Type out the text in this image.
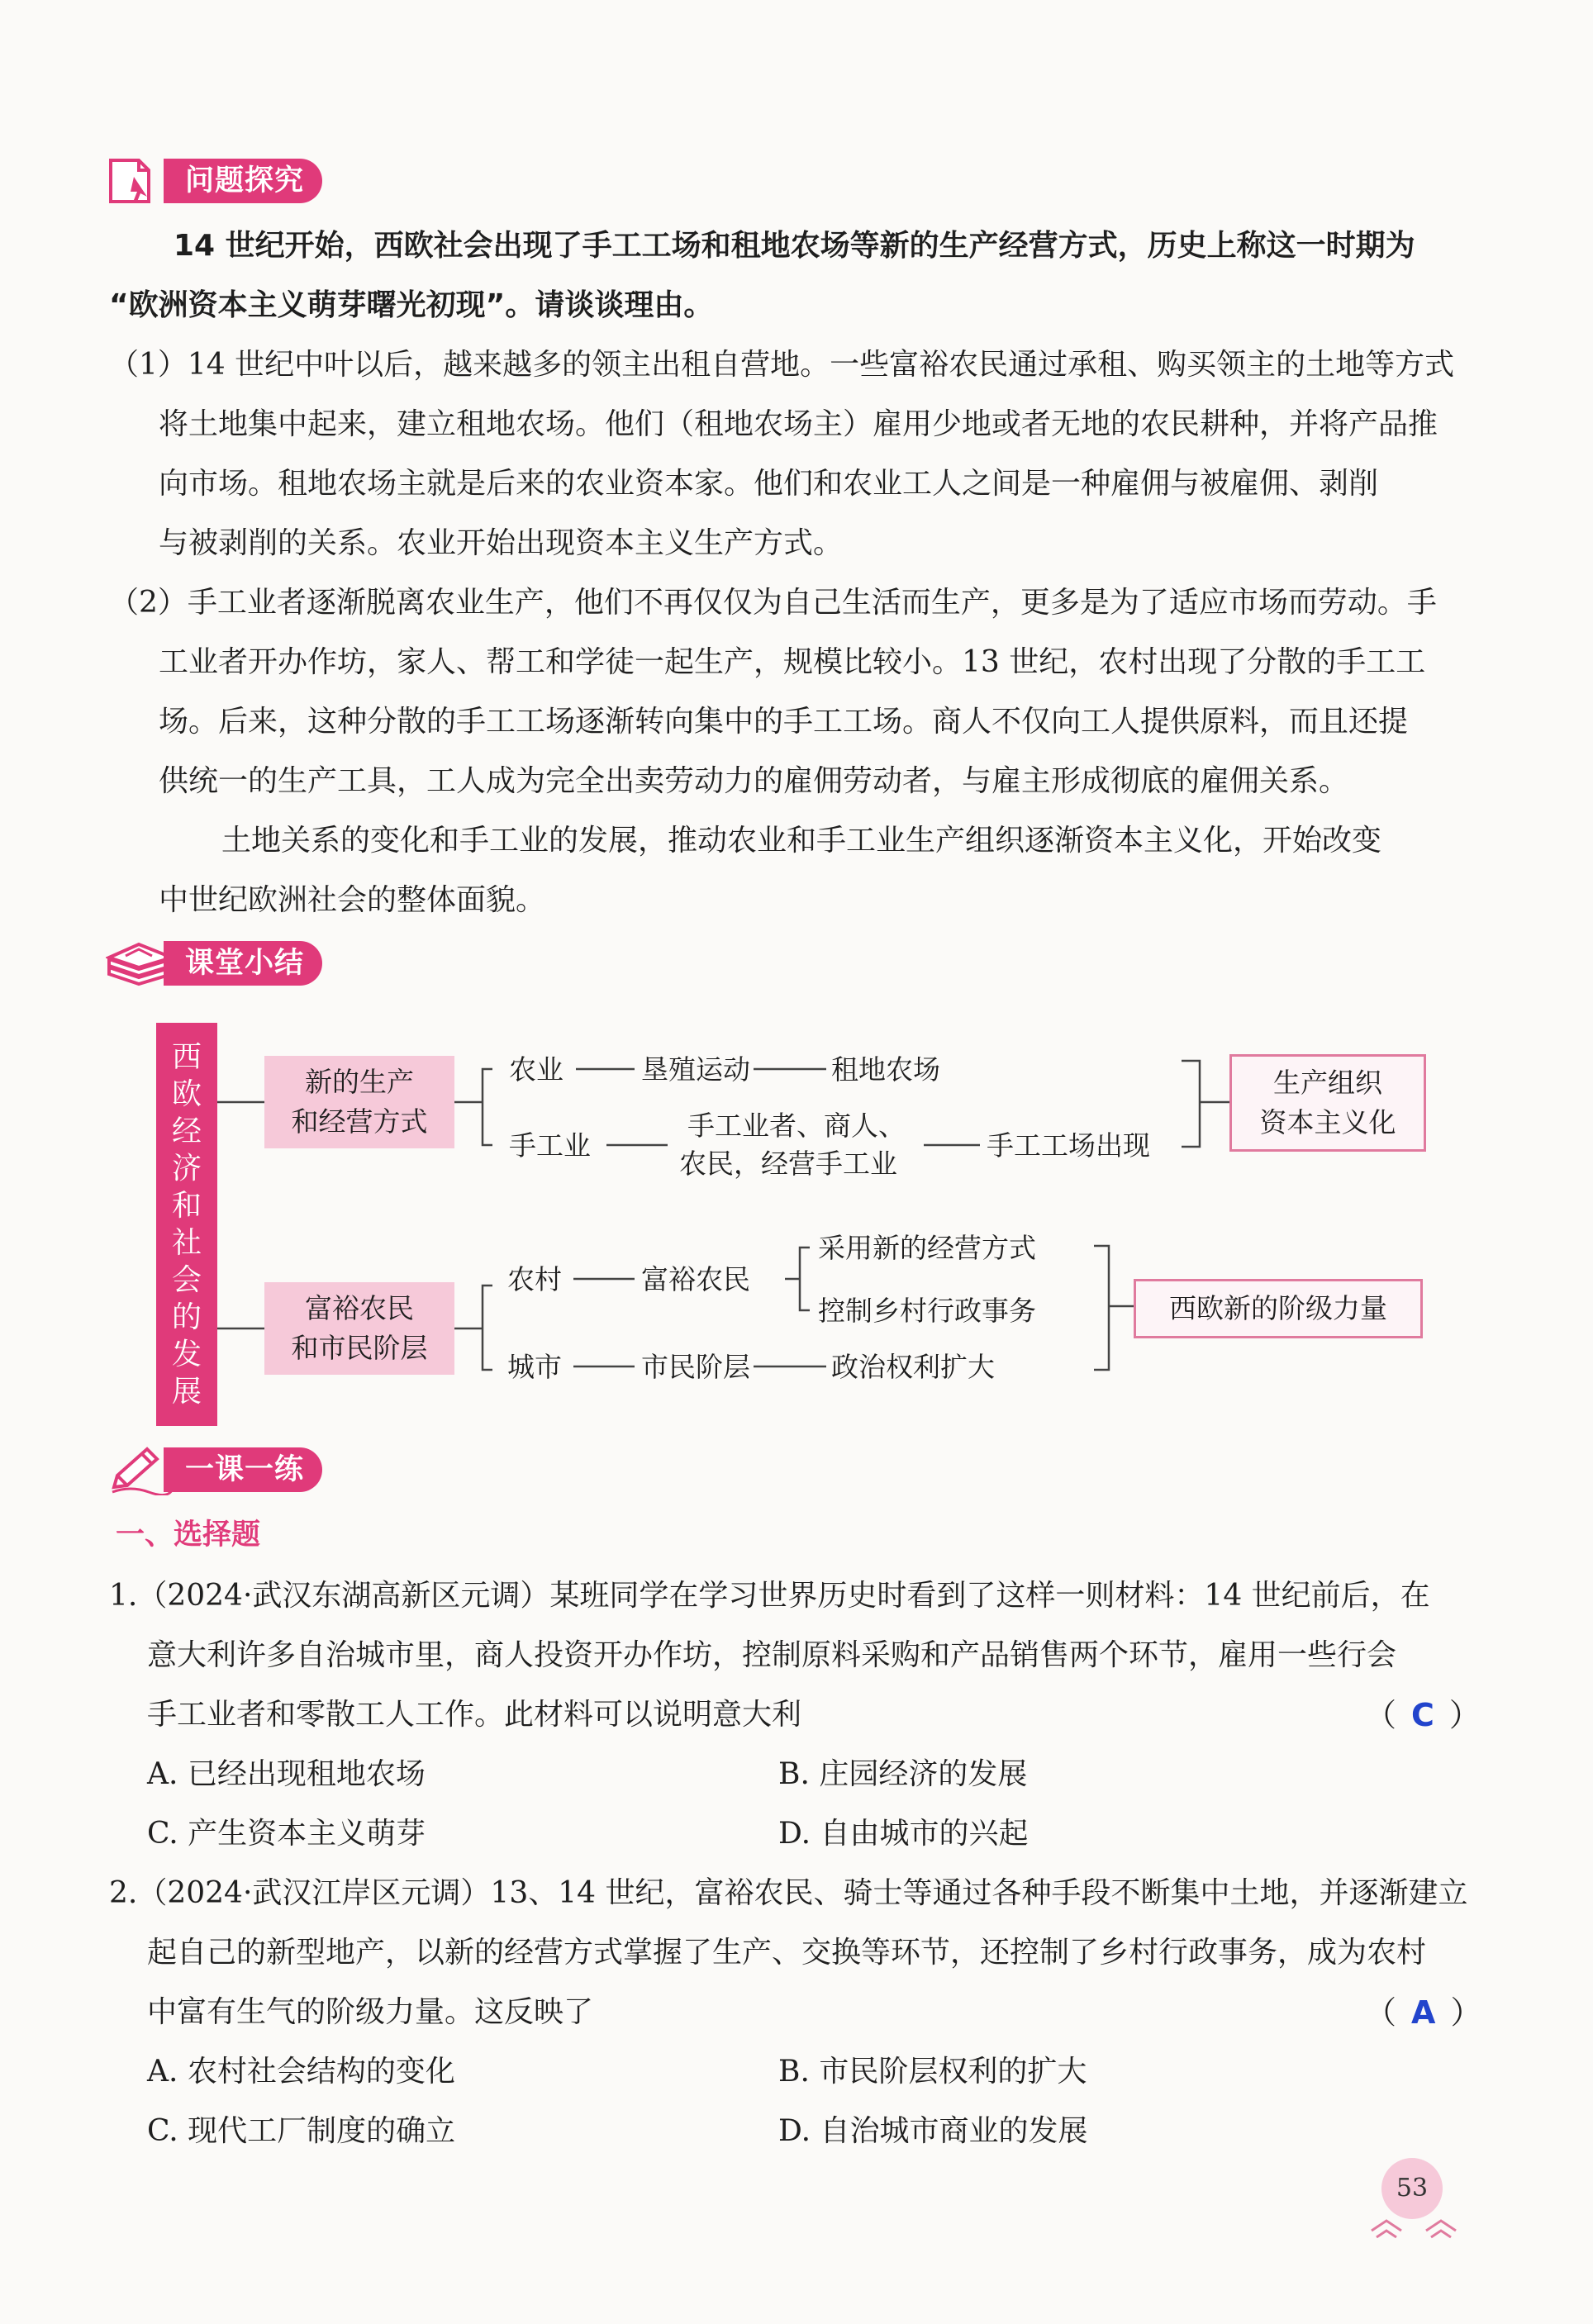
问题探究
14 世纪开始，西欧社会出现了手工工场和租地农场等新的生产经营方式，历史上称这一时期为
“欧洲资本主义萌芽曙光初现”。请谈谈理由。
（1）14 世纪中叶以后，越来越多的领主出租自营地。一些富裕农民通过承租、购买领主的土地等方式
将土地集中起来，建立租地农场。他们（租地农场主）雇用少地或者无地的农民耕种，并将产品推
向市场。租地农场主就是后来的农业资本家。他们和农业工人之间是一种雇佣与被雇佣、剥削
与被剥削的关系。农业开始出现资本主义生产方式。
（2）手工业者逐渐脱离农业生产，他们不再仅仅为自己生活而生产，更多是为了适应市场而劳动。手
工业者开办作坊，家人、帮工和学徒一起生产，规模比较小。13 世纪，农村出现了分散的手工工
场。后来，这种分散的手工工场逐渐转向集中的手工工场。商人不仅向工人提供原料，而且还提
供统一的生产工具，工人成为完全出卖劳动力的雇佣劳动者，与雇主形成彻底的雇佣关系。
土地关系的变化和手工业的发展，推动农业和手工业生产组织逐渐资本主义化，开始改变
中世纪欧洲社会的整体面貌。
课堂小结
西
欧
经
济
和
社
会
的
发
展
新的生产
和经营方式
富裕农民
和市民阶层
生产组织
资本主义化
西欧新的阶级力量
农业	垦殖运动	租地农场
手工业
手工业者、商人、
农民，经营手工业
手工工场出现
农村	富裕农民
采用新的经营方式
控制乡村行政事务
城市	市民阶层	政治权利扩大
一课一练
一、选择题
1.（2024·武汉东湖高新区元调）某班同学在学习世界历史时看到了这样一则材料：14 世纪前后，在
意大利许多自治城市里，商人投资开办作坊，控制原料采购和产品销售两个环节，雇用一些行会
手工业者和零散工人工作。此材料可以说明意大利	（ C ）
A. 已经出现租地农场	B. 庄园经济的发展
C. 产生资本主义萌芽	D. 自由城市的兴起
2.（2024·武汉江岸区元调）13、14 世纪，富裕农民、骑士等通过各种手段不断集中土地，并逐渐建立
起自己的新型地产，以新的经营方式掌握了生产、交换等环节，还控制了乡村行政事务，成为农村
中富有生气的阶级力量。这反映了	（ A ）
A. 农村社会结构的变化	B. 市民阶层权利的扩大
C. 现代工厂制度的确立	D. 自治城市商业的发展
53
